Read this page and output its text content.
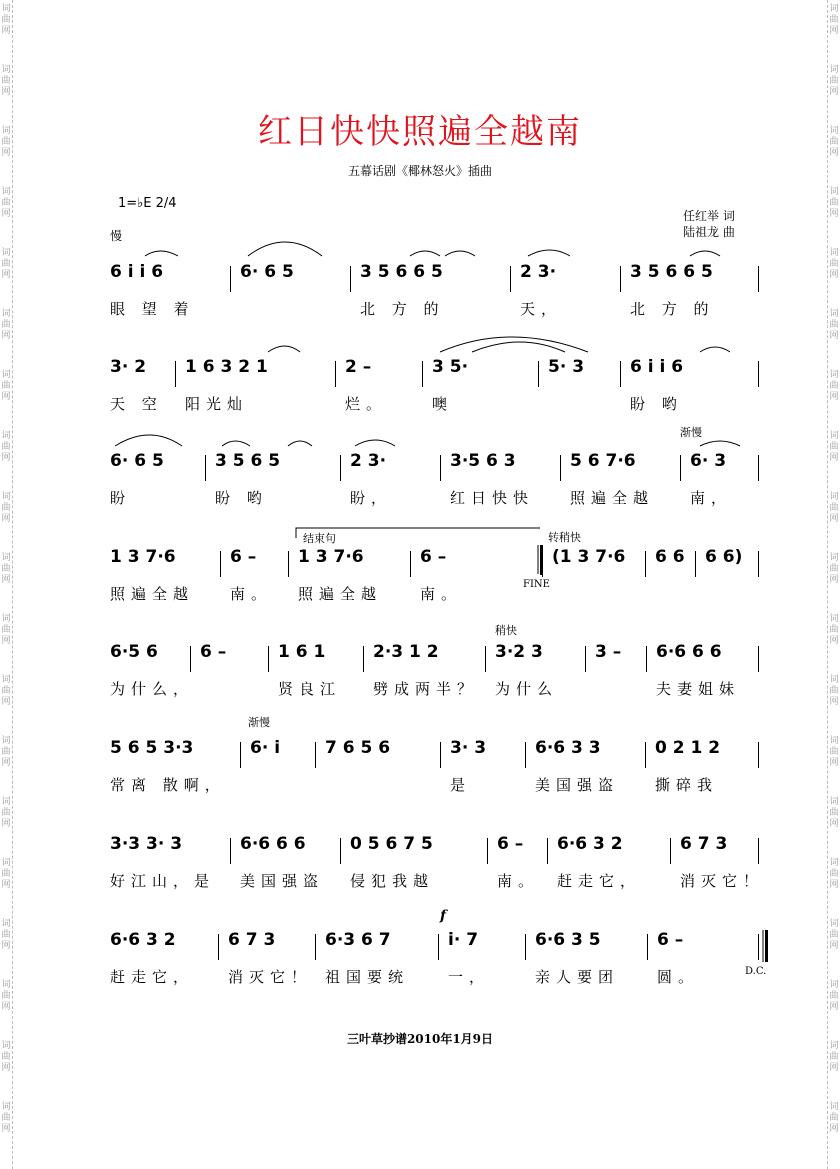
词曲网
词曲网
词曲网
词曲网
词曲网
词曲网
词曲网
词曲网
词曲网
词曲网
词曲网
词曲网
词曲网
词曲网
词曲网
词曲网
词曲网
词曲网
词曲网
词曲网
词曲网
词曲网
词曲网
词曲网
词曲网
词曲网
词曲网
词曲网
词曲网
词曲网
词曲网
词曲网
词曲网
词曲网
词曲网
词曲网
词曲网
词曲网
红日快快照遍全越南
五幕话剧《椰林怒火》插曲
1=♭E 2/4
慢
任红举 词
陆祖龙 曲
渐慢
结束句	转稍快
FINE
稍快
渐慢
f
D.C.
6 i i 6
眼 望 着
6· 6 5	3 5 6 6 5
北 方 的
2 3·
天，
3 5 6 6 5
北 方 的
3· 2
天 空
1 6 3 2 1
阳光灿
2 –
烂。
3 5·
噢
5· 3	6 i i 6
盼 哟
6· 6 5
盼
3 5 6 5
盼 哟
2 3·
盼，
3·5 6 3
红日快快
5 6 7·6
照遍全越
6· 3
南，
1 3 7·6
照遍全越
6 –
南。
1 3 7·6
照遍全越
6 –
南。
(1 3 7·6 6 6 6 6)
6·5 6
为什么，
6 –	1 6 1
贤良江
2·3 1 2
劈成两半？
3·2 3
为什么
3 – 6·6 6 6
夫妻姐妹
5 6 5 3·3
常离 散啊，
6· i	7 6 5 6	3· 3
是
6·6 3 3
美国强盗
0 2 1 2
撕碎我
3·3 3· 3
好江山，是
6·6 6 6
美国强盗
0 5 6 7 5
侵犯我越
6 –
南。
6·6 3 2
赶走它，
6 7 3
消灭它！
6·6 3 2
赶走它，
6 7 3
消灭它！
6·3 6 7
祖国要统
i· 7
一，
6·6 3 5
亲人要团
6 –
圆。
三叶草抄谱2010年1月9日
